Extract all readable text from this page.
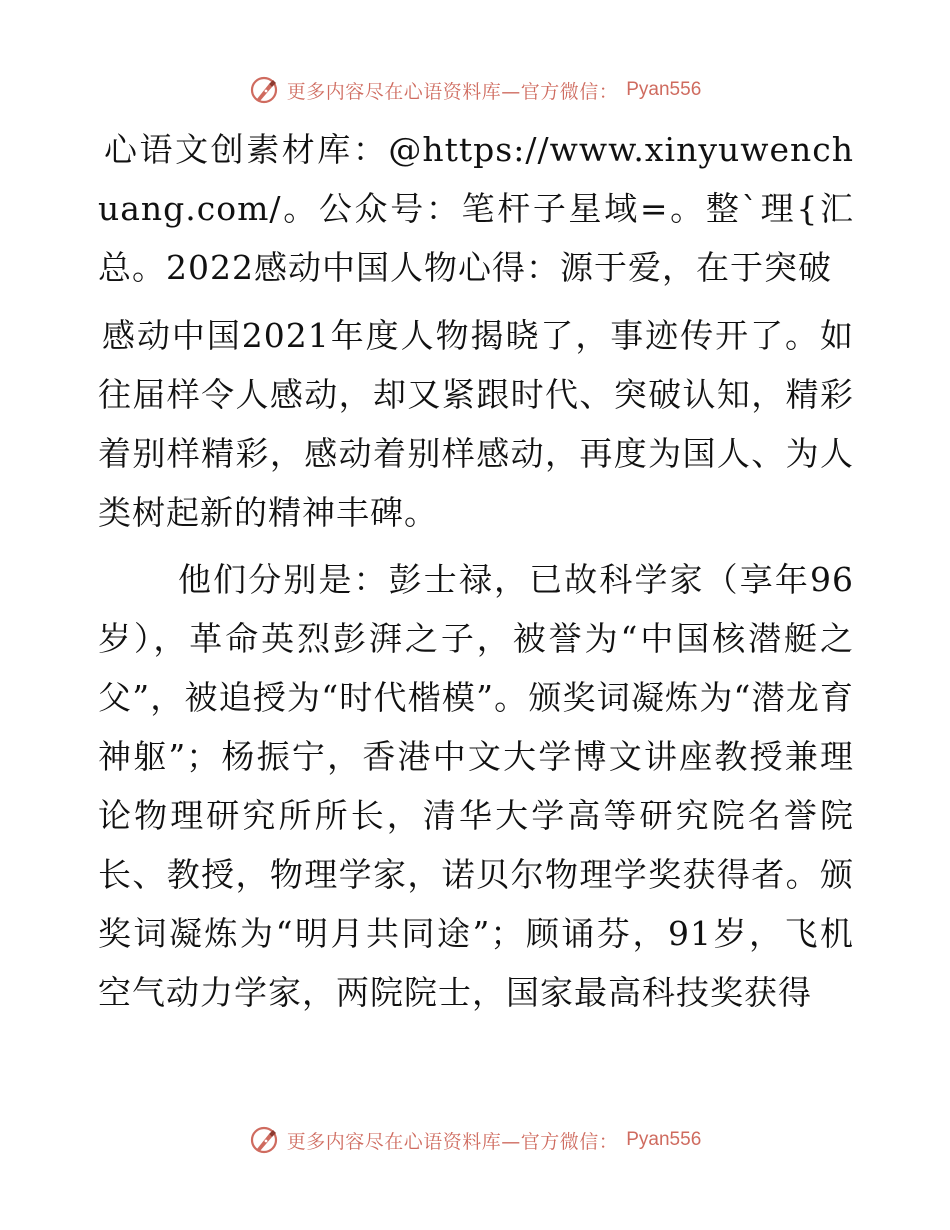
更多内容尽在心语资料库—官方微信： Pyan556

心语文创素材库：@https://www.xinyuwenchuang.com/。公众号：笔杆子星域=。整`理{汇总。2022感动中国人物心得：源于爱，在于突破

感动中国2021年度人物揭晓了，事迹传开了。如往届样令人感动，却又紧跟时代、突破认知，精彩着别样精彩，感动着别样感动，再度为国人、为人类树起新的精神丰碑。

他们分别是：彭士禄，已故科学家（享年96岁），革命英烈彭湃之子，被誉为“中国核潜艇之父”，被追授为“时代楷模”。颁奖词凝炼为“潜龙育神躯”；杨振宁，香港中文大学博文讲座教授兼理论物理研究所所长，清华大学高等研究院名誉院长、教授，物理学家，诺贝尔物理学奖获得者。颁奖词凝炼为“明月共同途”；顾诵芬，91岁，飞机空气动力学家，两院院士，国家最高科技奖获得

更多内容尽在心语资料库—官方微信： Pyan556
